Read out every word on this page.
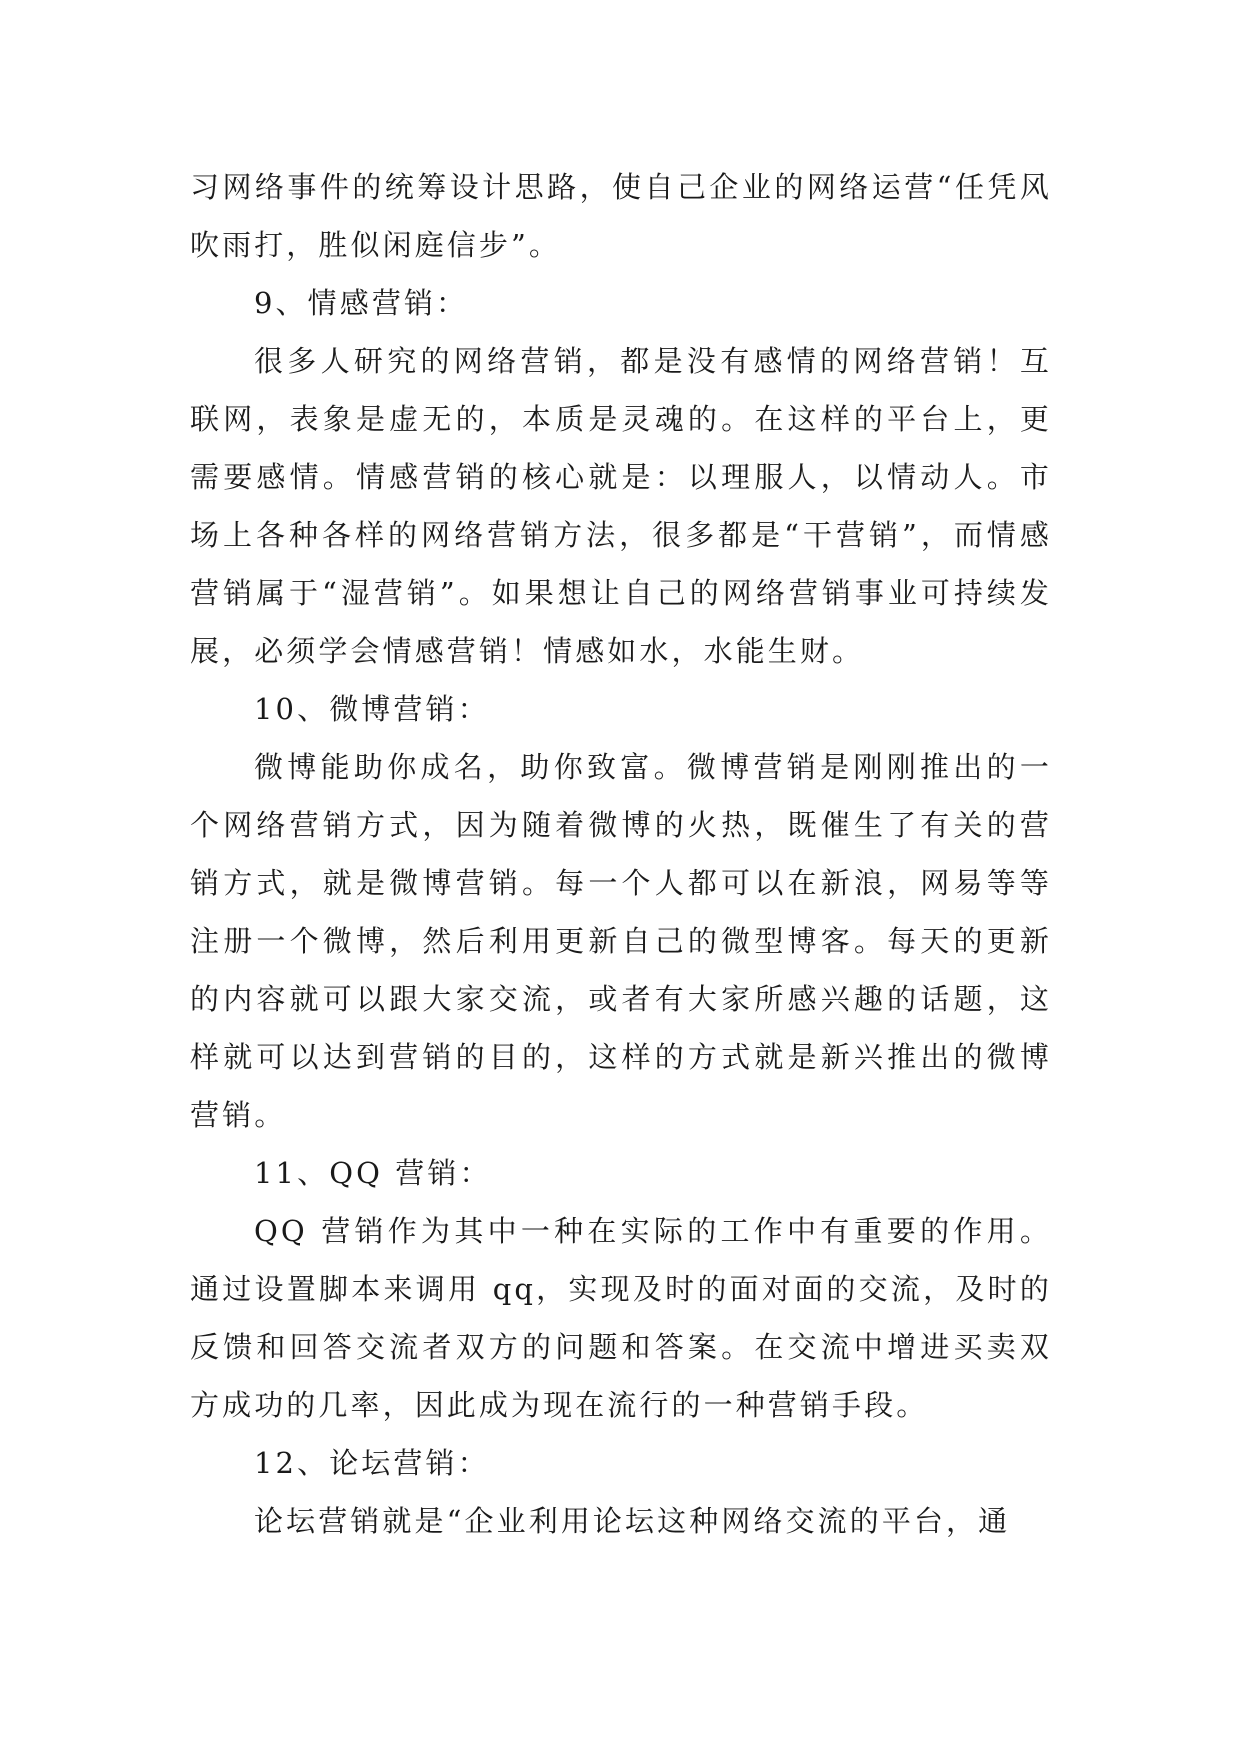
习网络事件的统筹设计思路，使自己企业的网络运营“任凭风吹雨打，胜似闲庭信步”。

9、情感营销：

很多人研究的网络营销，都是没有感情的网络营销！互联网，表象是虚无的，本质是灵魂的。在这样的平台上，更需要感情。情感营销的核心就是：以理服人，以情动人。市场上各种各样的网络营销方法，很多都是“干营销”，而情感营销属于“湿营销”。如果想让自己的网络营销事业可持续发展，必须学会情感营销！情感如水，水能生财。

10、微博营销：

微博能助你成名，助你致富。微博营销是刚刚推出的一个网络营销方式，因为随着微博的火热，既催生了有关的营销方式，就是微博营销。每一个人都可以在新浪，网易等等注册一个微博，然后利用更新自己的微型博客。每天的更新的内容就可以跟大家交流，或者有大家所感兴趣的话题，这样就可以达到营销的目的，这样的方式就是新兴推出的微博营销。

11、QQ 营销：

QQ 营销作为其中一种在实际的工作中有重要的作用。通过设置脚本来调用 qq，实现及时的面对面的交流，及时的反馈和回答交流者双方的问题和答案。在交流中增进买卖双方成功的几率，因此成为现在流行的一种营销手段。

12、论坛营销：

论坛营销就是“企业利用论坛这种网络交流的平台，通
